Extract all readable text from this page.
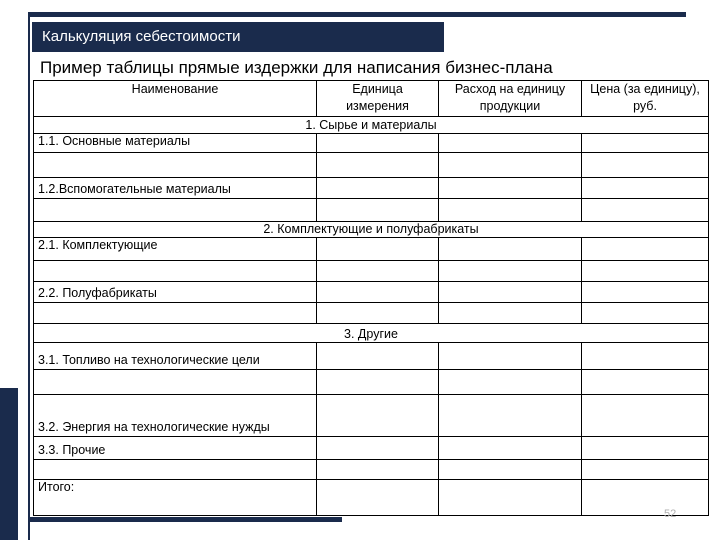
Калькуляция себестоимости
Пример таблицы прямые издержки для написания бизнес-плана
Наименование	Единица измерения	Расход на единицу продукции	Цена (за единицу), руб.
1. Сырье и материалы			
1.1. Основные материалы			

1.2.Вспомогательные материалы			

2. Комплектующие и полуфабрикаты			
2.1. Комплектующие			

2.2. Полуфабрикаты			

3. Другие			
3.1. Топливо на технологические цели			

3.2. Энергия на технологические нужды			
3.3. Прочие			

Итого:			
52
